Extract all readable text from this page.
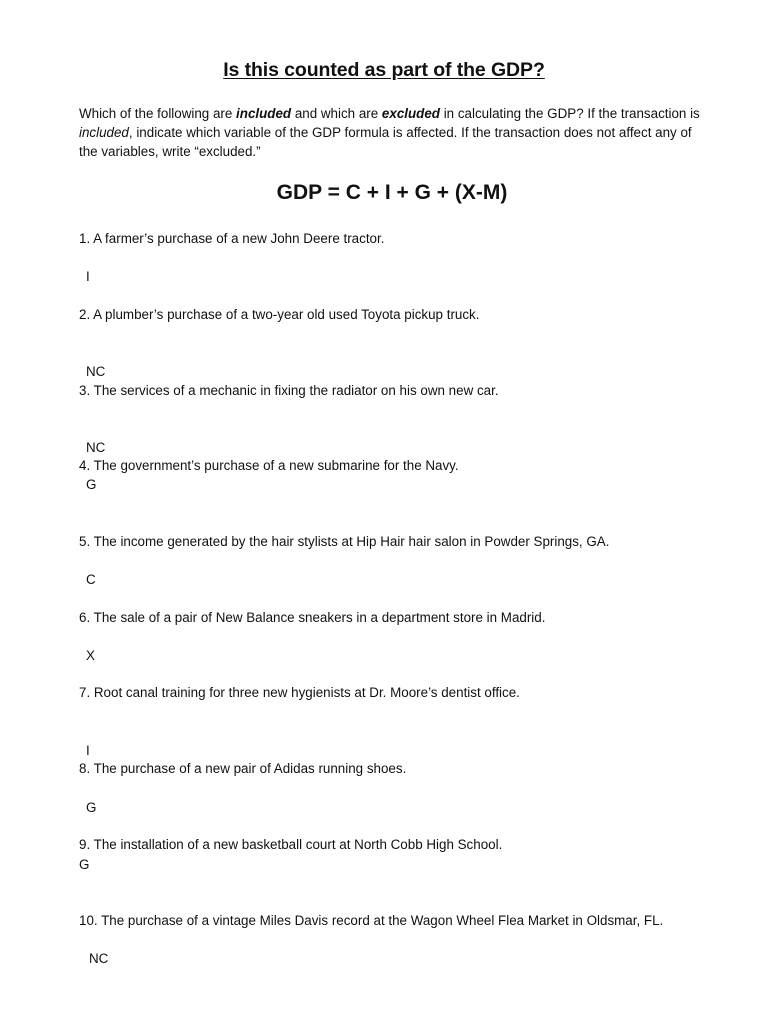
Is this counted as part of the GDP?
Which of the following are included and which are excluded in calculating the GDP? If the transaction is included, indicate which variable of the GDP formula is affected. If the transaction does not affect any of the variables, write “excluded.”
GDP = C + I + G + (X-M)
1. A farmer’s purchase of a new John Deere tractor.
I
2. A plumber’s purchase of a two-year old used Toyota pickup truck.
NC
3. The services of a mechanic in fixing the radiator on his own new car.
NC
4. The government’s purchase of a new submarine for the Navy.
G
5. The income generated by the hair stylists at Hip Hair hair salon in Powder Springs, GA.
C
6. The sale of a pair of New Balance sneakers in a department store in Madrid.
X
7. Root canal training for three new hygienists at Dr. Moore’s dentist office.
I
8. The purchase of a new pair of Adidas running shoes.
G
9. The installation of a new basketball court at North Cobb High School.
G
10. The purchase of a vintage Miles Davis record at the Wagon Wheel Flea Market in Oldsmar, FL.
NC
